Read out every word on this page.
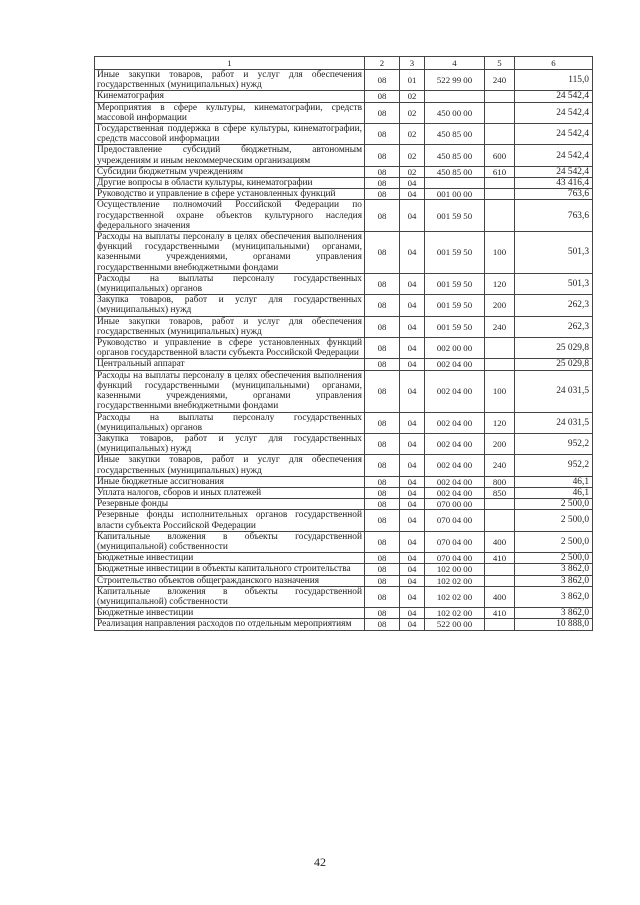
1	2	3	4	5	6
Иные закупки товаров, работ и услуг для обеспечения государственных (муниципальных) нужд	08	01	522 99 00	240	115,0
Кинематография	08	02			24 542,4
Мероприятия в сфере культуры, кинематографии, средств массовой информации	08	02	450 00 00		24 542,4
Государственная поддержка в сфере культуры, кинематографии, средств массовой информации	08	02	450 85 00		24 542,4
Предоставление субсидий бюджетным, автономным учреждениям и иным некоммерческим организациям	08	02	450 85 00	600	24 542,4
Субсидии бюджетным учреждениям	08	02	450 85 00	610	24 542,4
Другие вопросы в области культуры, кинематографии	08	04			43 416,4
Руководство и управление в сфере установленных функций	08	04	001 00 00		763,6
Осуществление полномочий Российской Федерации по государственной охране объектов культурного наследия федерального значения	08	04	001 59 50		763,6
Расходы на выплаты персоналу в целях обеспечения выполнения функций государственными (муниципальными) органами, казенными учреждениями, органами управления государственными внебюджетными фондами	08	04	001 59 50	100	501,3
Расходы на выплаты персоналу государственных (муниципальных) органов	08	04	001 59 50	120	501,3
Закупка товаров, работ и услуг для государственных (муниципальных) нужд	08	04	001 59 50	200	262,3
Иные закупки товаров, работ и услуг для обеспечения государственных (муниципальных) нужд	08	04	001 59 50	240	262,3
Руководство и управление в сфере установленных функций органов государственной власти субъекта Российской Федерации	08	04	002 00 00		25 029,8
Центральный аппарат	08	04	002 04 00		25 029,8
Расходы на выплаты персоналу в целях обеспечения выполнения функций государственными (муниципальными) органами, казенными учреждениями, органами управления государственными внебюджетными фондами	08	04	002 04 00	100	24 031,5
Расходы на выплаты персоналу государственных (муниципальных) органов	08	04	002 04 00	120	24 031,5
Закупка товаров, работ и услуг для государственных (муниципальных) нужд	08	04	002 04 00	200	952,2
Иные закупки товаров, работ и услуг для обеспечения государственных (муниципальных) нужд	08	04	002 04 00	240	952,2
Иные бюджетные ассигнования	08	04	002 04 00	800	46,1
Уплата налогов, сборов и иных платежей	08	04	002 04 00	850	46,1
Резервные фонды	08	04	070 00 00		2 500,0
Резервные фонды исполнительных органов государственной власти субъекта Российской Федерации	08	04	070 04 00		2 500,0
Капитальные вложения в объекты государственной (муниципальной) собственности	08	04	070 04 00	400	2 500,0
Бюджетные инвестиции	08	04	070 04 00	410	2 500,0
Бюджетные инвестиции в объекты капитального строительства	08	04	102 00 00		3 862,0
Строительство объектов общегражданского назначения	08	04	102 02 00		3 862,0
Капитальные вложения в объекты государственной (муниципальной) собственности	08	04	102 02 00	400	3 862,0
Бюджетные инвестиции	08	04	102 02 00	410	3 862,0
Реализация направления расходов по отдельным мероприятиям	08	04	522 00 00		10 888,0
42
